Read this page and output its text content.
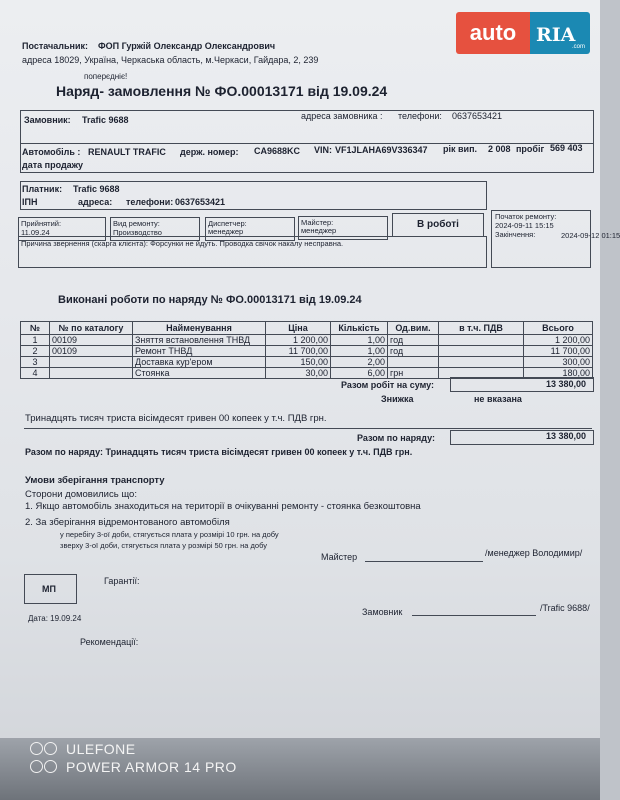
Постачальник: ФОП Гуржій Олександр Олександрович
адреса 18029, Україна, Черкаська область, м.Черкаси, Гайдара, 2, 239
поперєдніє!
Наряд- замовлення № ФО.00013171 від 19.09.24
Замовник: Trafic 9688	адреса замовника : телефони: 0637653421
Автомобіль : RENAULT TRAFIC держ. номер: CA9688KC VIN: VF1JLAHA69V336347 рік вип. 2 008 пробіг 569 403
дата продажу
Платник: Trafic 9688
ІПН	адреса: телефони: 0637653421
Прийнятий:
11.09.24
Вид ремонту:
Производство
Диспетчер:
менеджер
Майстер:
менеджер
В роботі
Початок ремонту:
2024-09-11 15:15
Закінчення:	2024-09-12 01:15
Причина звернення (скарга клієнта): Форсунки не йдуть. Проводка свічок накалу несправна.
Виконані роботи по наряду № ФО.00013171 від 19.09.24
№	№ по каталогу	Найменування	Ціна	Кількість	Од.вим.	в т.ч. ПДВ	Всього
1	00109	Зняття встановлення ТНВД	1 200,00	1,00	год		1 200,00
2	00109	Ремонт ТНВД	11 700,00	1,00	год		11 700,00
3		Доставка кур'ером	150,00	2,00			300,00
4		Стоянка	30,00	6,00	грн		180,00
Разом робіт на суму:	13 380,00
Знижка	не вказана
Тринадцять тисяч триста вісімдесят гривен 00 копеек у т.ч. ПДВ грн.
Разом по наряду:	13 380,00
Разом по наряду: Тринадцять тисяч триста вісімдесят гривен 00 копеек у т.ч. ПДВ грн.
Умови зберігання транспорту
Сторони домовились що:
1. Якщо автомобіль знаходиться на території в очікуванні ремонту - стоянка безкоштовна
2. За зберігання відремонтованого автомобіля
у перебігу 3-ої доби, стягується плата у розмірі 10 грн. на добу
зверху 3-ої доби, стягується плата у розмірі 50 грн. на добу
Майстер	/менеджер Володимир/
МП
Гарантії:
Дата: 19.09.24
Замовник	/Trafic 9688/
Рекомендації:
auto	RIA
.com
ULEFONE
POWER ARMOR 14 PRO
